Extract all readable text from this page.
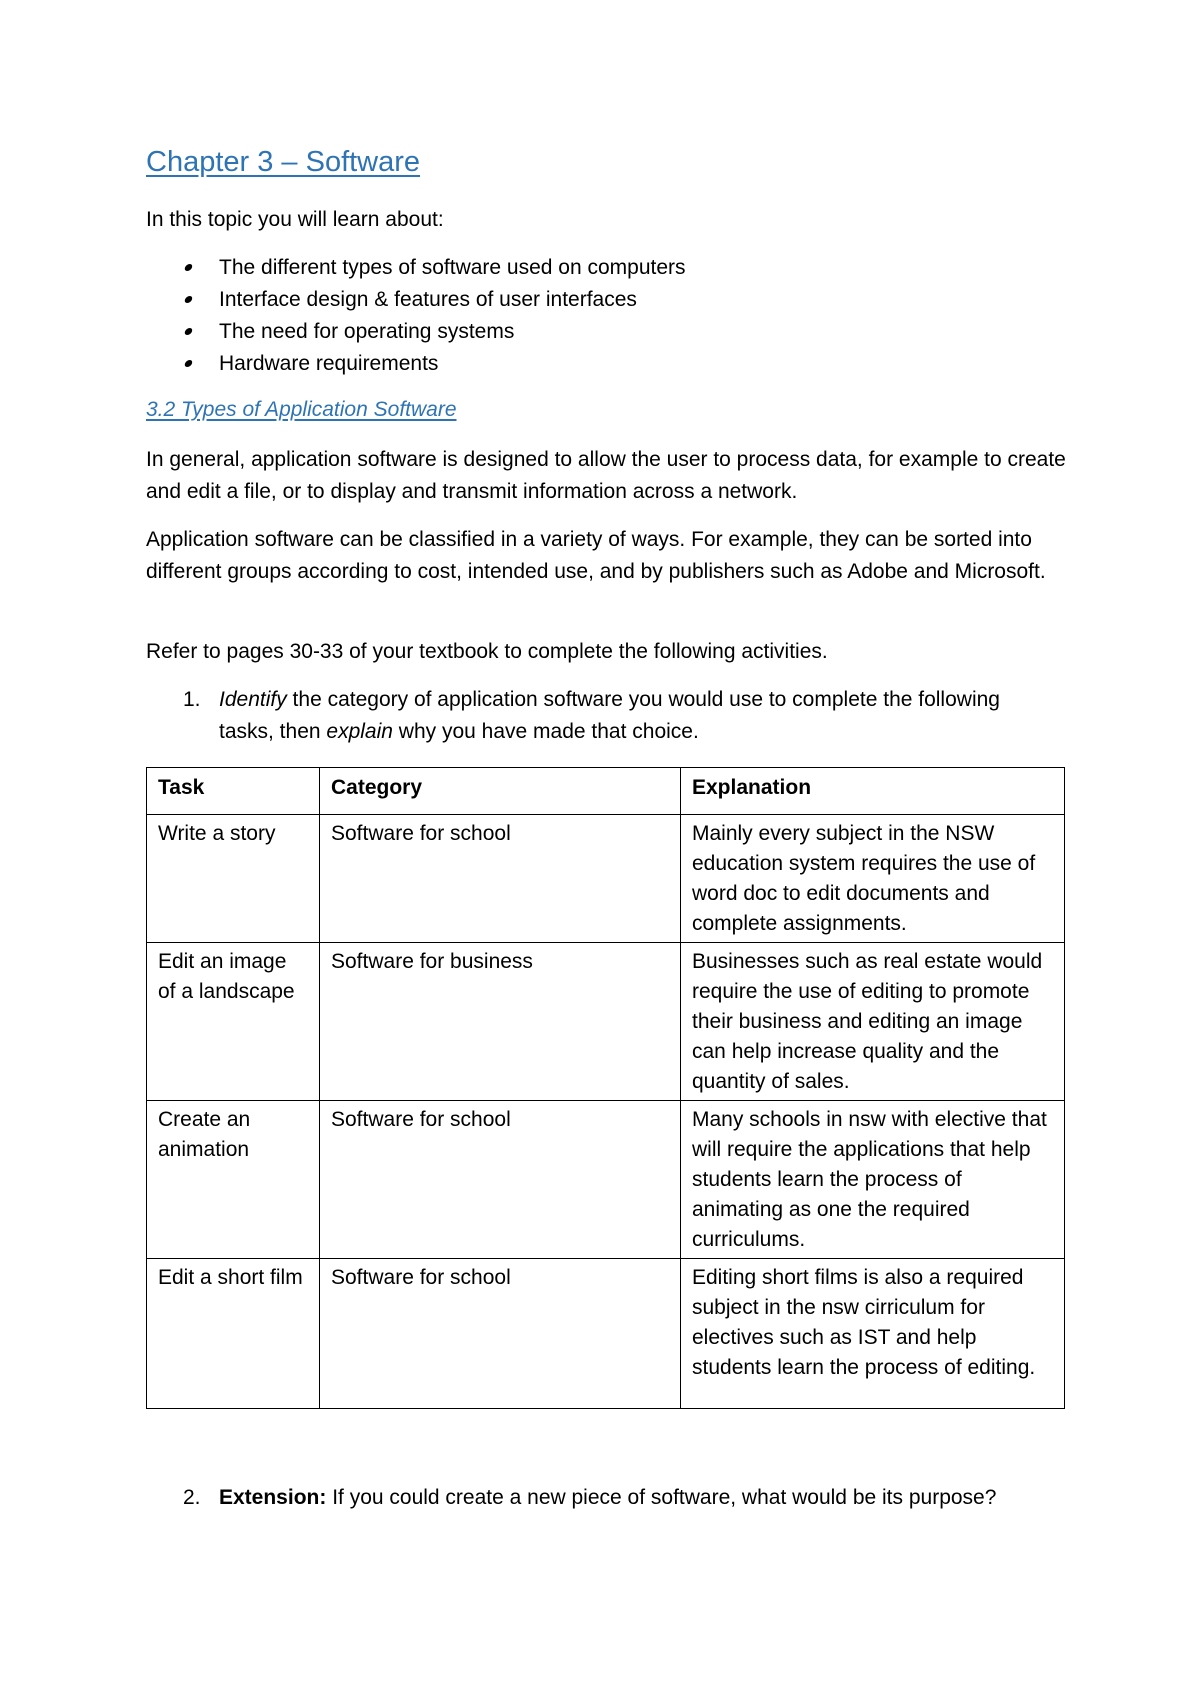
Chapter 3 – Software
In this topic you will learn about:
The different types of software used on computers
Interface design & features of user interfaces
The need for operating systems
Hardware requirements
3.2 Types of Application Software
In general, application software is designed to allow the user to process data, for example to create and edit a file, or to display and transmit information across a network.
Application software can be classified in a variety of ways. For example, they can be sorted into different groups according to cost, intended use, and by publishers such as Adobe and Microsoft.
Refer to pages 30-33 of your textbook to complete the following activities.
1. Identify the category of application software you would use to complete the following tasks, then explain why you have made that choice.
Task	Category	Explanation
Write a story	Software for school	Mainly every subject in the NSW education system requires the use of word doc to edit documents and complete assignments.
Edit an image of a landscape	Software for business	Businesses such as real estate would require the use of editing to promote their business and editing an image can help increase quality and the quantity of sales.
Create an animation	Software for school	Many schools in nsw with elective that will require the applications that help students learn the process of animating as one the required curriculums.
Edit a short film	Software for school	Editing short films is also a required subject in the nsw cirriculum for electives such as IST and help students learn the process of editing.
2. Extension: If you could create a new piece of software, what would be its purpose?
